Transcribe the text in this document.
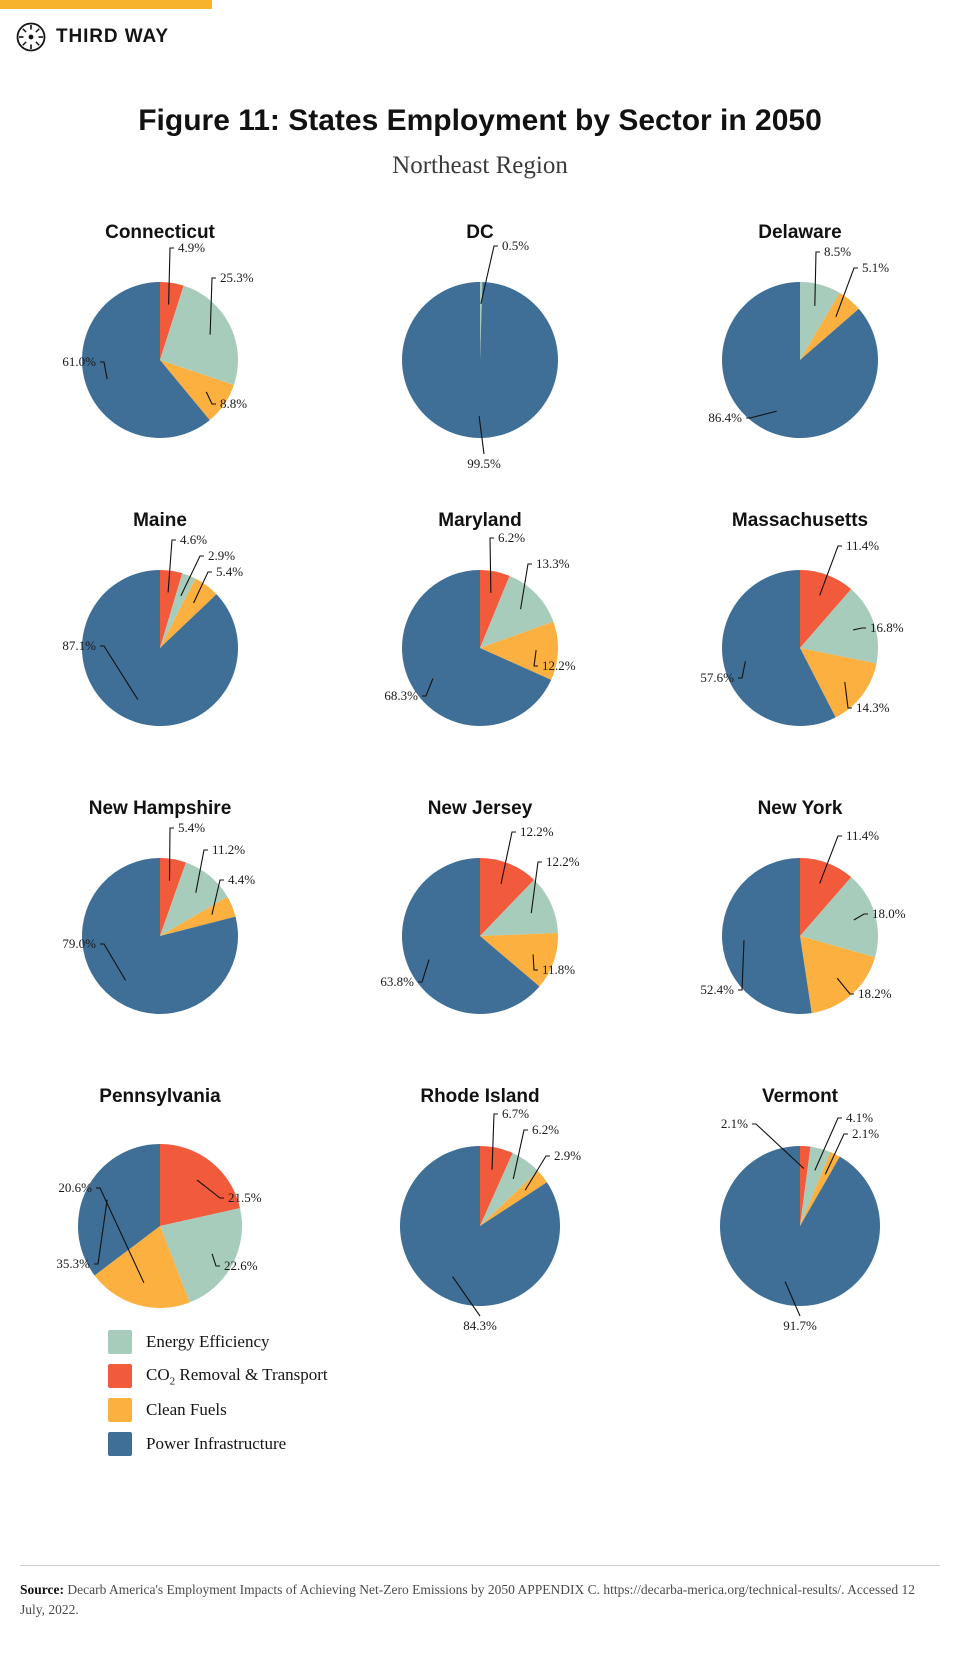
THIRD WAY
Figure 11: States Employment by Sector in 2050
Northeast Region
Connecticut
4.9%
25.3%
8.8%
61.0%
DC
0.5%
99.5%
Delaware
8.5%
5.1%
86.4%
Maine
4.6%
2.9%
5.4%
87.1%
Maryland
6.2%
13.3%
12.2%
68.3%
Massachusetts
11.4%
16.8%
14.3%
57.6%
New Hampshire
5.4%
11.2%
4.4%
79.0%
New Jersey
12.2%
12.2%
11.8%
63.8%
New York
11.4%
18.0%
18.2%
52.4%
Pennsylvania
21.5%
22.6%
20.6%
35.3%
Rhode Island
6.7%
6.2%
2.9%
84.3%
Vermont
2.1%	4.1%
2.1%
91.7%
Energy Efficiency
$CO_2$ Removal & Transport
Clean Fuels
Power Infrastructure
Source: Decarb America's Employment Impacts of Achieving Net-Zero Emissions by 2050 APPENDIX C. https://decarba-merica.org/technical-results/. Accessed 12 July, 2022.
